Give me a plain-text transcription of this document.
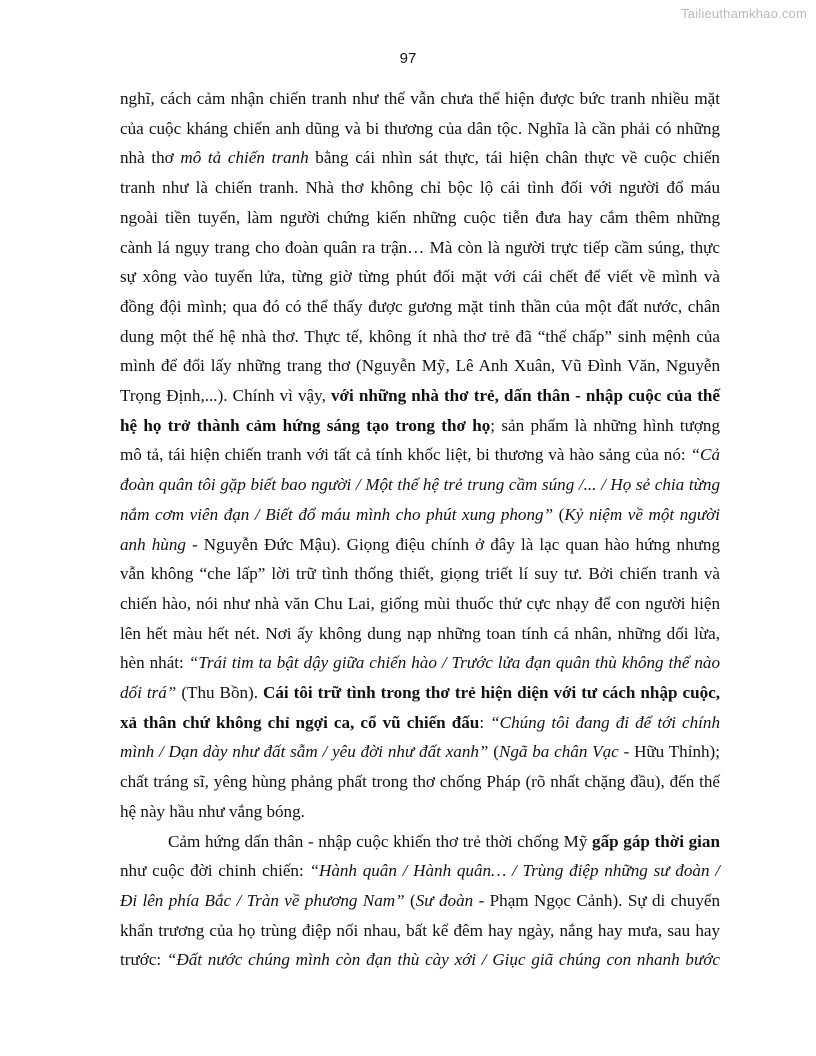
Tailieuthamkhao.com
97

nghĩ, cách cảm nhận chiến tranh như thế vẫn chưa thể hiện được bức tranh nhiều mặt
của cuộc kháng chiến anh dũng và bi thương của dân tộc. Nghĩa là cần phải có những
nhà thơ mô tả chiến tranh bằng cái nhìn sát thực, tái hiện chân thực về cuộc chiến
tranh như là chiến tranh. Nhà thơ không chỉ bộc lộ cái tình đối với người đổ máu
ngoài tiền tuyến, làm người chứng kiến những cuộc tiễn đưa hay cắm thêm những
cành lá ngụy trang cho đoàn quân ra trận… Mà còn là người trực tiếp cầm súng, thực
sự xông vào tuyến lửa, từng giờ từng phút đối mặt với cái chết để viết về mình và
đồng đội mình; qua đó có thể thấy được gương mặt tinh thần của một đất nước, chân
dung một thế hệ nhà thơ. Thực tế, không ít nhà thơ trẻ đã “thế chấp” sinh mệnh của
mình để đổi lấy những trang thơ (Nguyễn Mỹ, Lê Anh Xuân, Vũ Đình Văn, Nguyễn
Trọng Định,...). Chính vì vậy, với những nhà thơ trẻ, dấn thân - nhập cuộc của thế
hệ họ trở thành cảm hứng sáng tạo trong thơ họ; sản phẩm là những hình tượng
mô tả, tái hiện chiến tranh với tất cả tính khốc liệt, bi thương và hào sảng của nó: “Cả
đoàn quân tôi gặp biết bao người / Một thế hệ trẻ trung cầm súng /... / Họ sẻ chia từng
nắm cơm viên đạn / Biết đổ máu mình cho phút xung phong” (Kỷ niệm về một người
anh hùng - Nguyễn Đức Mậu). Giọng điệu chính ở đây là lạc quan hào hứng nhưng
vẫn không “che lấp” lời trữ tình thống thiết, giọng triết lí suy tư. Bởi chiến tranh và
chiến hào, nói như nhà văn Chu Lai, giống mùi thuốc thử cực nhạy để con người hiện
lên hết màu hết nét. Nơi ấy không dung nạp những toan tính cá nhân, những dối lừa,
hèn nhát: “Trái tim ta bật dậy giữa chiến hào / Trước lửa đạn quân thù không thể nào
dối trá” (Thu Bồn). Cái tôi trữ tình trong thơ trẻ hiện diện với tư cách nhập cuộc,
xả thân chứ không chỉ ngợi ca, cổ vũ chiến đấu: “Chúng tôi đang đi để tới chính
mình / Dạn dày như đất sẫm / yêu đời như đất xanh” (Ngã ba chân Vạc - Hữu Thỉnh);
chất tráng sĩ, yêng hùng phảng phất trong thơ chống Pháp (rõ nhất chặng đầu), đến thế
hệ này hầu như vắng bóng.

Cảm hứng dấn thân - nhập cuộc khiến thơ trẻ thời chống Mỹ gấp gáp thời gian
như cuộc đời chinh chiến: “Hành quân / Hành quân… / Trùng điệp những sư đoàn /
Đi lên phía Bắc / Tràn về phương Nam” (Sư đoàn - Phạm Ngọc Cảnh). Sự di chuyển
khẩn trương của họ trùng điệp nối nhau, bất kể đêm hay ngày, nắng hay mưa, sau hay
trước: “Đất nước chúng mình còn đạn thù cày xới / Giục giã chúng con nhanh bước
